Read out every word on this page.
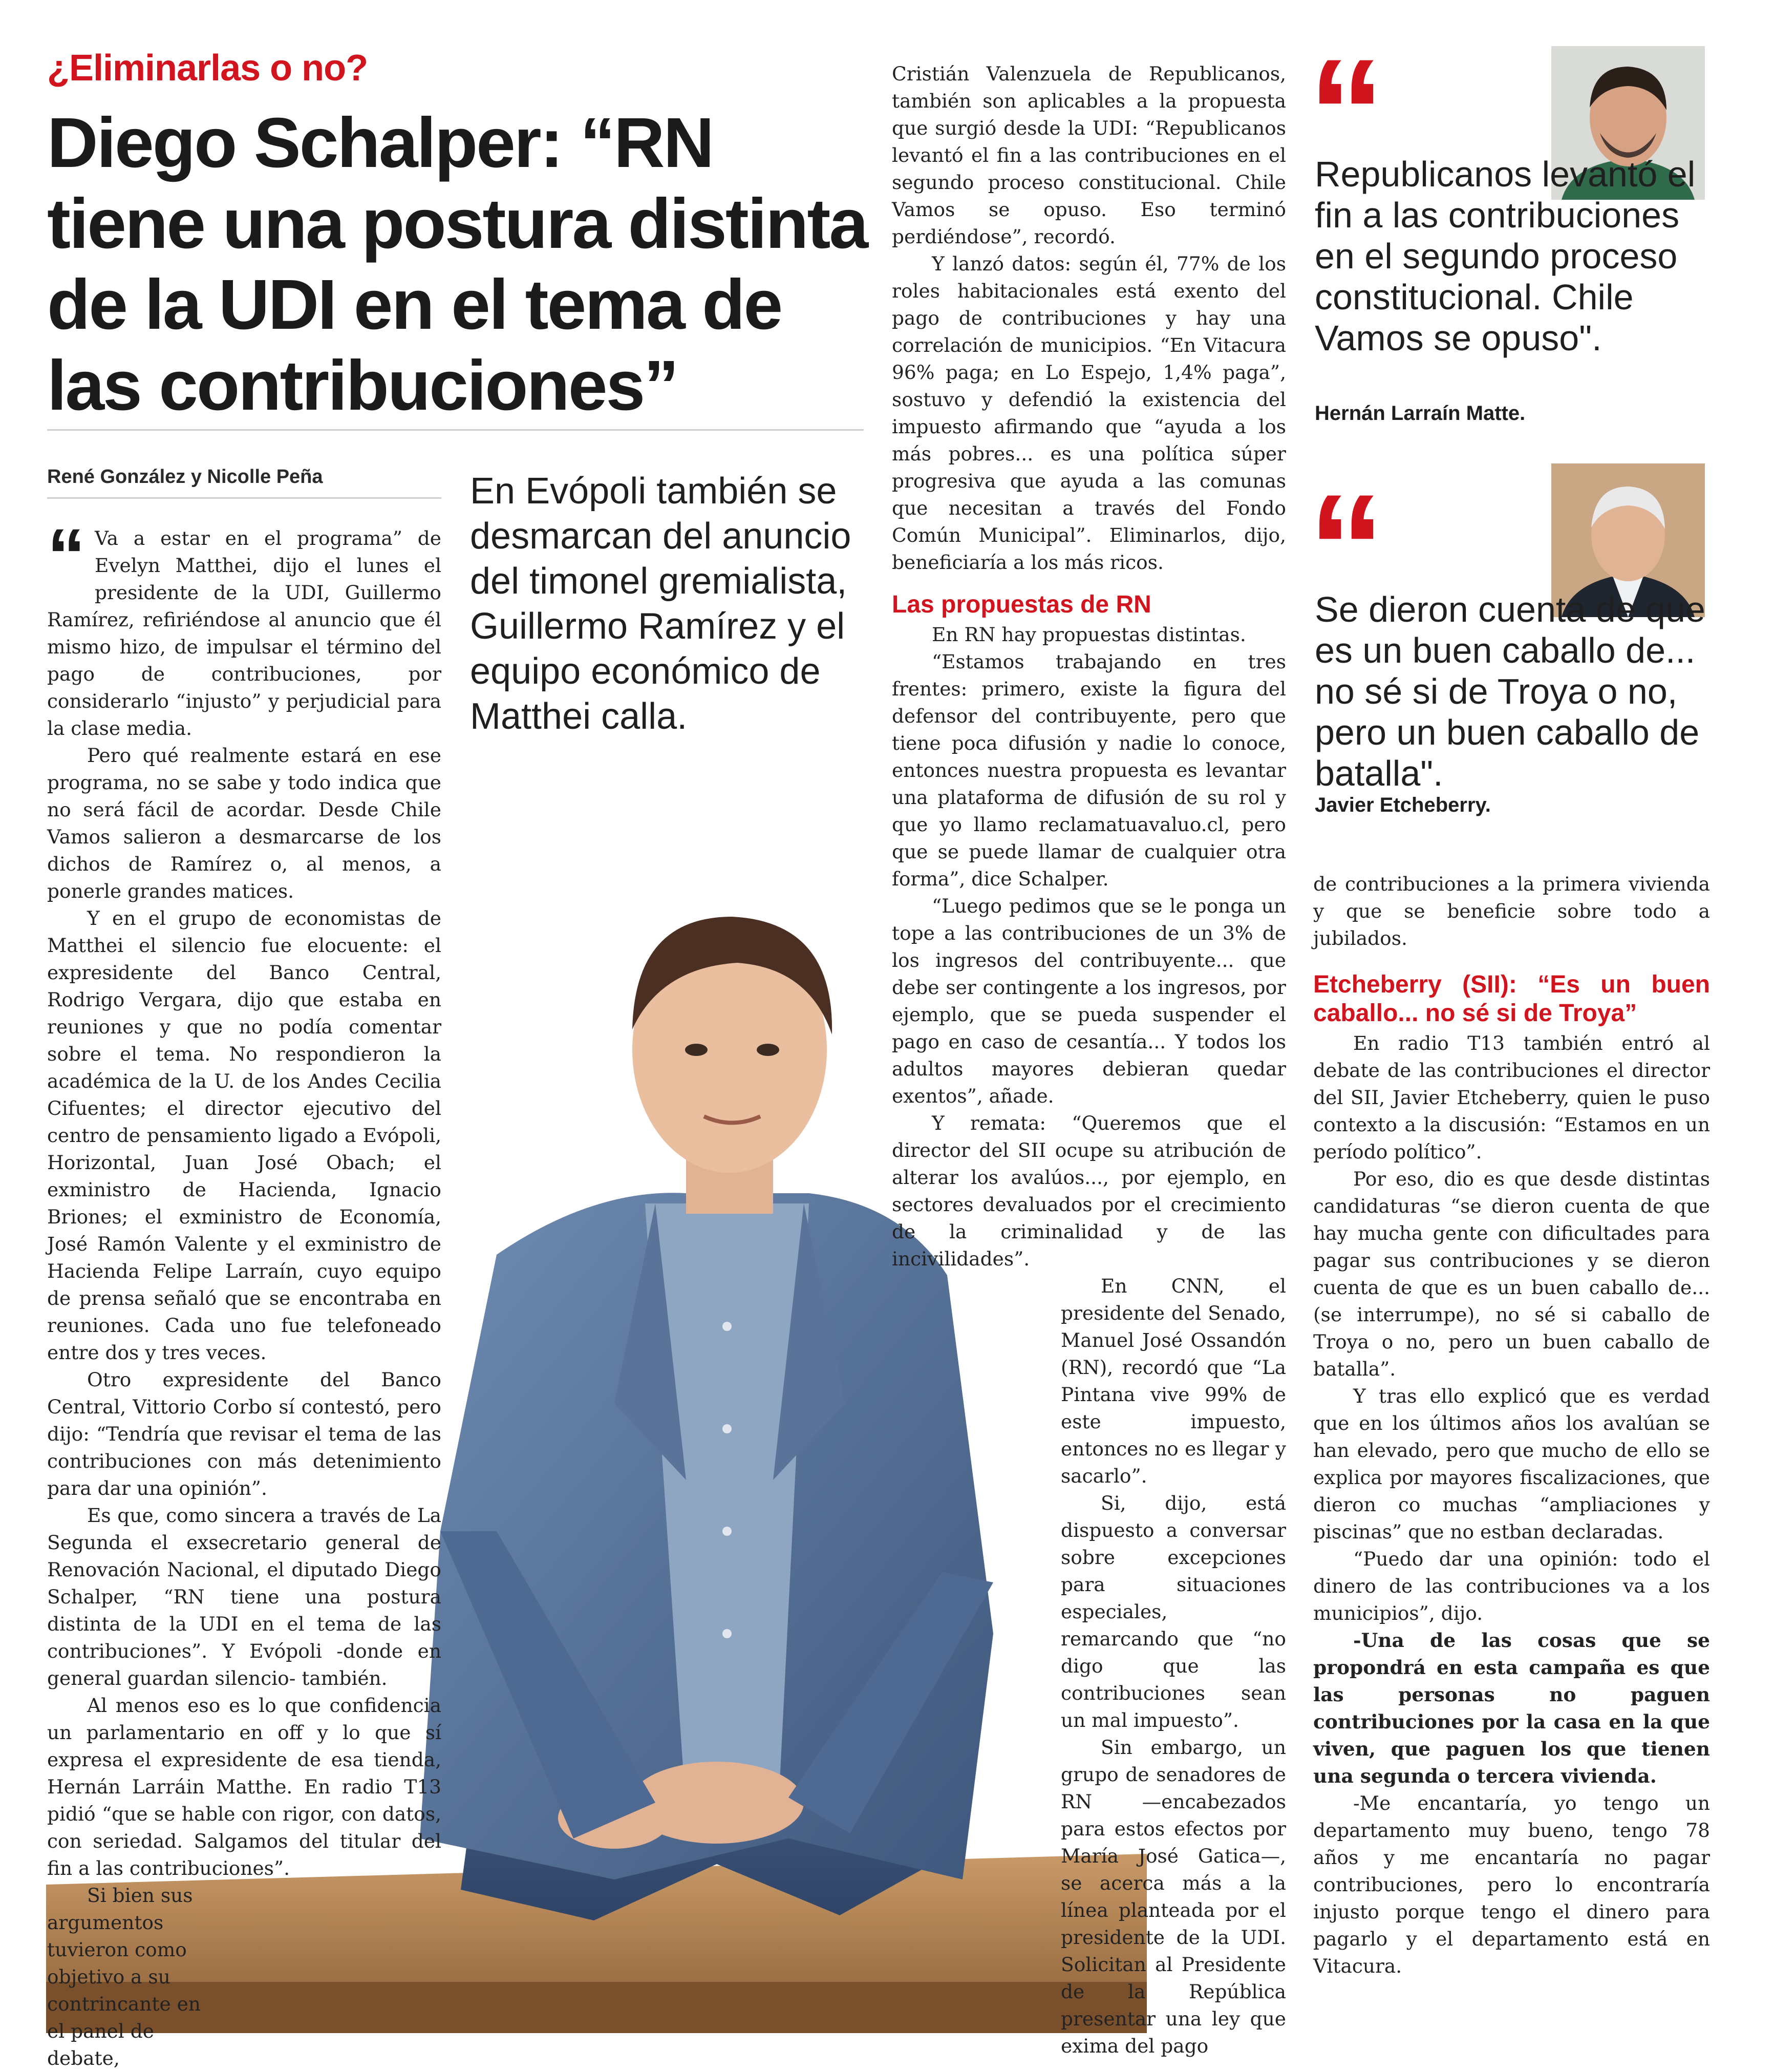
¿Eliminarlas o no?
Diego Schalper: “RN tiene una postura distinta de la UDI en el tema de las contribuciones”
René González y Nicolle Peña	En Evópoli también se desmarcan del anuncio del timonel gremialista, Guillermo Ramírez y el equipo económico de Matthei calla.

“ Va a estar en el programa” de Evelyn Matthei, dijo el lunes el presidente de la UDI, Guillermo Ramírez, refiriéndose al anuncio que él mismo hizo, de impulsar el término del pago de contribuciones, por considerarlo “injusto” y perjudicial para la clase media.

Pero qué realmente estará en ese programa, no se sabe y todo indica que no será fácil de acordar. Desde Chile Vamos salieron a desmarcarse de los dichos de Ramírez o, al menos, a ponerle grandes matices.

Y en el grupo de economistas de Matthei el silencio fue elocuente: el expresidente del Banco Central, Rodrigo Vergara, dijo que estaba en reuniones y que no podía comentar sobre el tema. No respondieron la académica de la U. de los Andes Cecilia Cifuentes; el director ejecutivo del centro de pensamiento ligado a Evópoli, Horizontal, Juan José Obach; el exministro de Hacienda, Ignacio Briones; el exministro de Economía, José Ramón Valente y el exministro de Hacienda Felipe Larraín, cuyo equipo de prensa señaló que se encontraba en reuniones. Cada uno fue telefoneado entre dos y tres veces.

Otro expresidente del Banco Central, Vittorio Corbo sí contestó, pero dijo: “Tendría que revisar el tema de las contribuciones con más detenimiento para dar una opinión”.

Es que, como sincera a través de La Segunda el exsecretario general de Renovación Nacional, el diputado Diego Schalper, “RN tiene una postura distinta de la UDI en el tema de las contribuciones”. Y Evópoli -donde en general guardan silencio- también.

Al menos eso es lo que confidencia un parlamentario en off y lo que sí expresa el expresidente de esa tienda, Hernán Larráin Matthe. En radio T13 pidió “que se hable con rigor, con datos, con seriedad. Salgamos del titular del fin a las contribuciones”.

Si bien sus argumentos tuvieron como objetivo a su contrincante en el panel de debate,

Cristián Valenzuela de Republicanos, también son aplicables a la propuesta que surgió desde la UDI: “Republicanos levantó el fin a las contribuciones en el segundo proceso constitucional. Chile Vamos se opuso. Eso terminó perdiéndose”, recordó.

Y lanzó datos: según él, 77% de los roles habitacionales está exento del pago de contribuciones y hay una correlación de municipios. “En Vitacura 96% paga; en Lo Espejo, 1,4% paga”, sostuvo y defendió la existencia del impuesto afirmando que “ayuda a los más pobres... es una política súper progresiva que ayuda a las comunas que necesitan a través del Fondo Común Municipal”. Eliminarlos, dijo, beneficiaría a los más ricos.

Las propuestas de RN

En RN hay propuestas distintas.

“Estamos trabajando en tres frentes: primero, existe la figura del defensor del contribuyente, pero que tiene poca difusión y nadie lo conoce, entonces nuestra propuesta es levantar una plataforma de difusión de su rol y que yo llamo reclamatuavaluo.cl, pero que se puede llamar de cualquier otra forma”, dice Schalper.

“Luego pedimos que se le ponga un tope a las contribuciones de un 3% de los ingresos del contribuyente... que debe ser contingente a los ingresos, por ejemplo, que se pueda suspender el pago en caso de cesantía... Y todos los adultos mayores debieran quedar exentos”, añade.

Y remata: “Queremos que el director del SII ocupe su atribución de alterar los avalúos..., por ejemplo, en sectores devaluados por el crecimiento de la criminalidad y de las incivilidades”.

En CNN, el presidente del Senado, Manuel José Ossandón (RN), recordó que “La Pintana vive 99% de este impuesto, entonces no es llegar y sacarlo”.

Si, dijo, está dispuesto a conversar sobre excepciones para situaciones especiales, remarcando que “no digo que las contribuciones sean un mal impuesto”.

Sin embargo, un grupo de senadores de RN —encabezados para estos efectos por María José Gatica—, se acerca más a la línea planteada por el presidente de la UDI. Solicitan al Presidente de la República presentar una ley que exima del pago

“
Republicanos levantó el fin a las contribuciones en el segundo proceso constitucional. Chile Vamos se opuso".
Hernán Larraín Matte.
“
Se dieron cuenta de que es un buen caballo de... no sé si de Troya o no, pero un buen caballo de batalla".
Javier Etcheberry.

de contribuciones a la primera vivienda y que se beneficie sobre todo a jubilados.

Etcheberry (SII): “Es un buen caballo... no sé si de Troya”

En radio T13 también entró al debate de las contribuciones el director del SII, Javier Etcheberry, quien le puso contexto a la discusión: “Estamos en un período político”.

Por eso, dio es que desde distintas candidaturas “se dieron cuenta de que hay mucha gente con dificultades para pagar sus contribuciones y se dieron cuenta de que es un buen caballo de... (se interrumpe), no sé si caballo de Troya o no, pero un buen caballo de batalla”.

Y tras ello explicó que es verdad que en los últimos años los avalúan se han elevado, pero que mucho de ello se explica por mayores fiscalizaciones, que dieron co muchas “ampliaciones y piscinas” que no estban declaradas.

“Puedo dar una opinión: todo el dinero de las contribuciones va a los municipios”, dijo.

-Una de las cosas que se propondrá en esta campaña es que las personas no paguen contribuciones por la casa en la que viven, que paguen los que tienen una segunda o tercera vivienda.

-Me encantaría, yo tengo un departamento muy bueno, tengo 78 años y me encantaría no pagar contribuciones, pero lo encontraría injusto porque tengo el dinero para pagarlo y el departamento está en Vitacura.
